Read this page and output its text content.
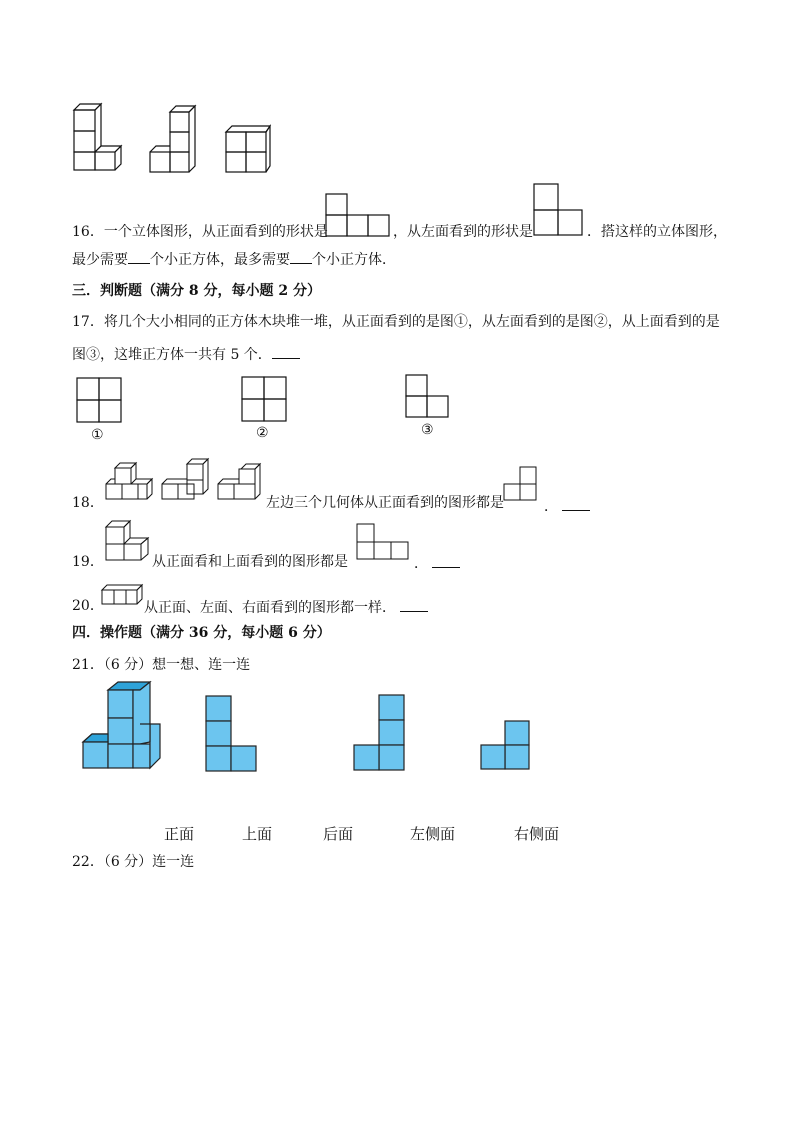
16．一个立体图形，从正面看到的形状是	，从左面看到的形状是	．搭这样的立体图形，
最少需要 个小正方体，最多需要 个小正方体．
三．判断题（满分 8 分，每小题 2 分）
17．将几个大小相同的正方体木块堆一堆，从正面看到的是图①，从左面看到的是图②，从上面看到的是
图③，这堆正方体一共有 5 个．
①	②	③
18．	左边三个几何体从正面看到的图形都是	．
19．	从正面看和上面看到的图形都是	．
20．	从正面、左面、右面看到的图形都一样．
四．操作题（满分 36 分，每小题 6 分）
21．（6 分）想一想、连一连
正面	上面	后面	左侧面	右侧面
22．（6 分）连一连
